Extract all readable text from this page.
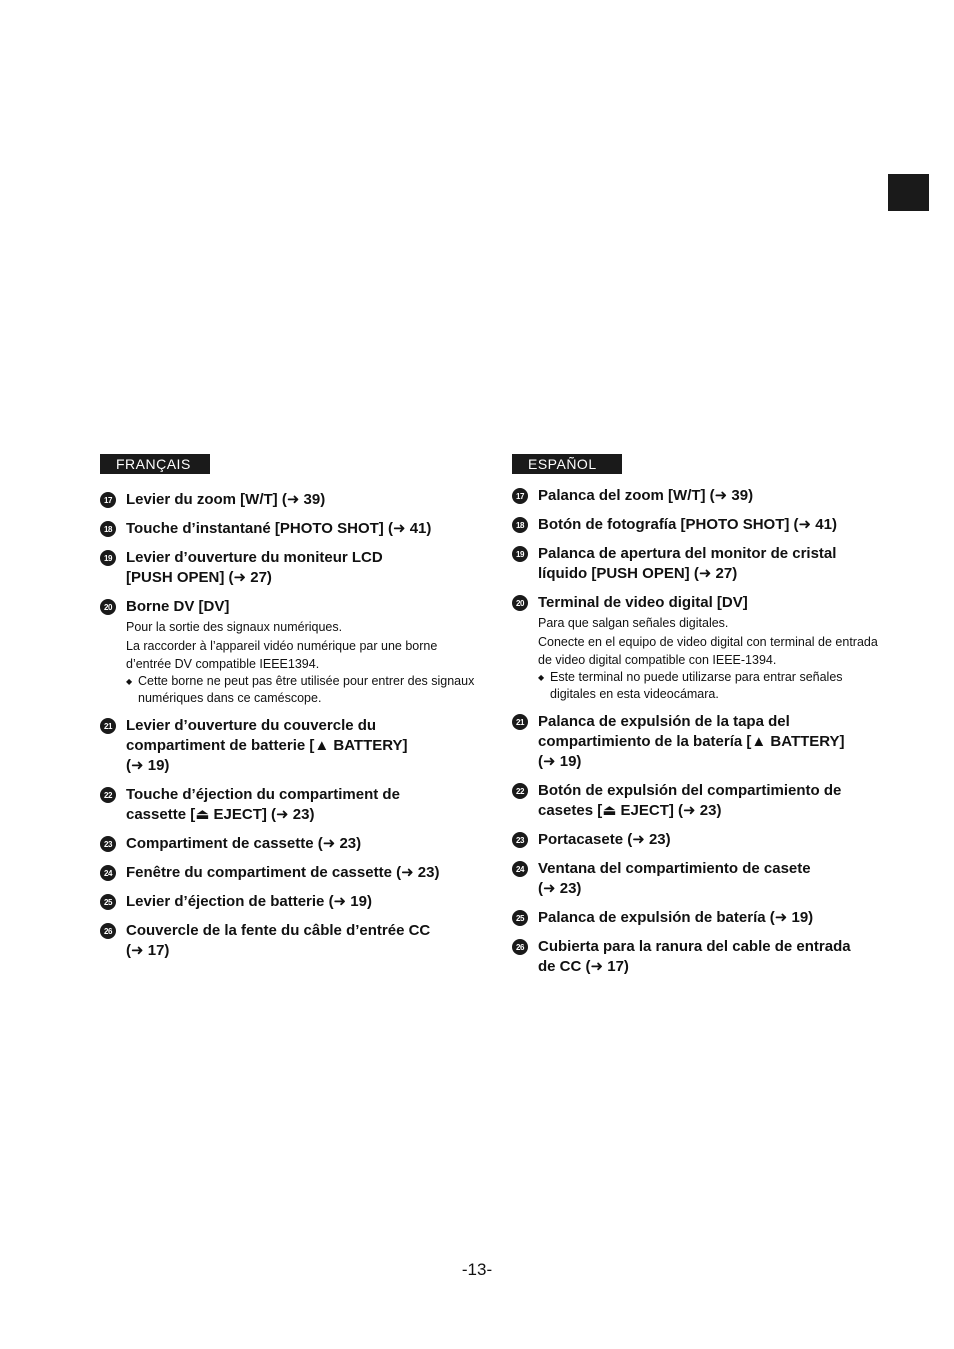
FRANÇAIS
17 Levier du zoom [W/T] (➜ 39)
18 Touche d’instantané [PHOTO SHOT] (➜ 41)
19 Levier d’ouverture du moniteur LCD
[PUSH OPEN] (➜ 27)
20 Borne DV [DV]
Pour la sortie des signaux numériques.
La raccorder à l’appareil vidéo numérique par une borne d’entrée DV compatible IEEE1394.
◆ Cette borne ne peut pas être utilisée pour entrer des signaux numériques dans ce caméscope.
21 Levier d’ouverture du couvercle du
compartiment de batterie [▲ BATTERY]
(➜ 19)
22 Touche d’éjection du compartiment de
cassette [⏏ EJECT] (➜ 23)
23 Compartiment de cassette (➜ 23)
24 Fenêtre du compartiment de cassette (➜ 23)
25 Levier d’éjection de batterie (➜ 19)
26 Couvercle de la fente du câble d’entrée CC
(➜ 17)
ESPAÑOL
17 Palanca del zoom [W/T] (➜ 39)
18 Botón de fotografía [PHOTO SHOT] (➜ 41)
19 Palanca de apertura del monitor de cristal
líquido [PUSH OPEN] (➜ 27)
20 Terminal de video digital [DV]
Para que salgan señales digitales.
Conecte en el equipo de video digital con terminal de entrada de video digital compatible con IEEE-1394.
◆ Este terminal no puede utilizarse para entrar señales digitales en esta videocámara.
21 Palanca de expulsión de la tapa del
compartimiento de la batería [▲ BATTERY]
(➜ 19)
22 Botón de expulsión del compartimiento de
casetes [⏏ EJECT] (➜ 23)
23 Portacasete (➜ 23)
24 Ventana del compartimiento de casete
(➜ 23)
25 Palanca de expulsión de batería (➜ 19)
26 Cubierta para la ranura del cable de entrada
de CC (➜ 17)
-13-
